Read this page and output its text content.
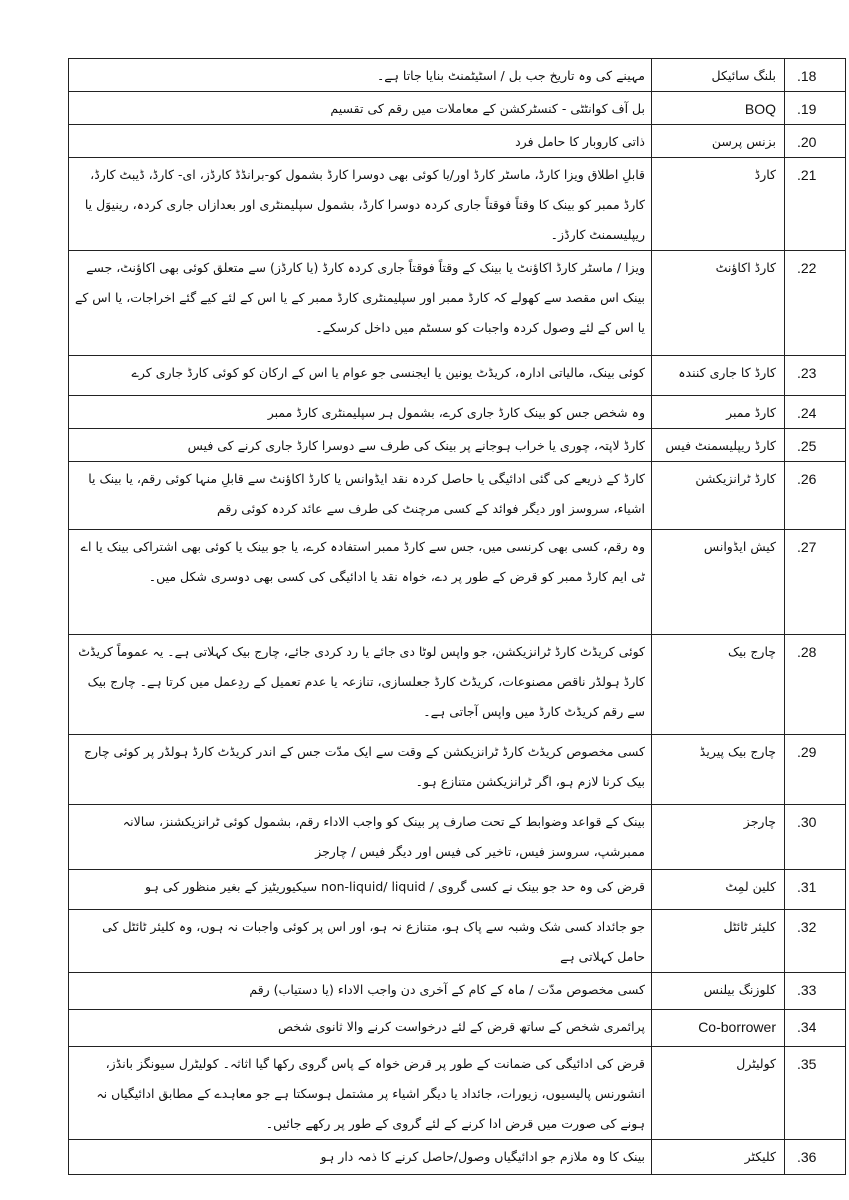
مہینے کی وہ تاریخ جب بل / اسٹیٹمنٹ بنایا جاتا ہے۔	بلنگ سائیکل	.18
بل آف کوانٹٹی - کنسٹرکشن کے معاملات میں رقم کی تقسیم	BOQ	.19
ذاتی کاروبار کا حامل فرد	بزنس پرسن	.20
قابلِ اطلاق ویزا کارڈ، ماسٹر کارڈ اور/یا کوئی بھی دوسرا کارڈ بشمول کو-برانڈڈ کارڈز، ای- کارڈ، ڈیبٹ کارڈ، کارڈ ممبر کو بینک کا وقتاً فوقتاً جاری کردہ دوسرا کارڈ، بشمول سپلیمنٹری اور بعدازاں جاری کردہ، رینیوَل یا ریپلیسمنٹ کارڈز۔	کارڈ	.21
ویزا / ماسٹر کارڈ اکاؤنٹ یا بینک کے وقتاً فوقتاً جاری کردہ کارڈ (یا کارڈز) سے متعلق کوئی بھی اکاؤنٹ، جسے بینک اس مقصد سے کھولے کہ کارڈ ممبر اور سپلیمنٹری کارڈ ممبر کے یا اس کے لئے کیے گئے اخراجات، یا اس کے یا اس کے لئے وصول کردہ واجبات کو سسٹم میں داخل کرسکے۔	کارڈ اکاؤنٹ	.22
کوئی بینک، مالیاتی ادارہ، کریڈٹ یونین یا ایجنسی جو عوام یا اس کے ارکان کو کوئی کارڈ جاری کرے	کارڈ کا جاری کنندہ	.23
وہ شخص جس کو بینک کارڈ جاری کرے، بشمول ہر سپلیمنٹری کارڈ ممبر	کارڈ ممبر	.24
کارڈ لاپتہ، چوری یا خراب ہوجانے پر بینک کی طرف سے دوسرا کارڈ جاری کرنے کی فیس	کارڈ ریپلیسمنٹ فیس	.25
کارڈ کے ذریعے کی گئی ادائیگی یا حاصل کردہ نقد ایڈوانس یا کارڈ اکاؤنٹ سے قابلِ منہا کوئی رقم، یا بینک یا اشیاء، سروسز اور دیگر فوائد کے کسی مرچنٹ کی طرف سے عائد کردہ کوئی رقم	کارڈ ٹرانزیکشن	.26
وہ رقم، کسی بھی کرنسی میں، جس سے کارڈ ممبر استفادہ کرے، یا جو بینک یا کوئی بھی اشتراکی بینک یا اے ٹی ایم کارڈ ممبر کو قرض کے طور پر دے، خواہ نقد یا ادائیگی کی کسی بھی دوسری شکل میں۔	کیش ایڈوانس	.27
کوئی کریڈٹ کارڈ ٹرانزیکشن، جو واپس لوٹا دی جائے یا رد کردی جائے، چارج بیک کہلاتی ہے۔ یہ عموماً کریڈٹ کارڈ ہولڈر ناقص مصنوعات، کریڈٹ کارڈ جعلسازی، تنازعہ یا عدم تعمیل کے ردِعمل میں کرتا ہے۔ چارج بیک سے رقم کریڈٹ کارڈ میں واپس آجاتی ہے۔	چارج بیک	.28
کسی مخصوص کریڈٹ کارڈ ٹرانزیکشن کے وقت سے ایک مدّت جس کے اندر کریڈٹ کارڈ ہولڈر پر کوئی چارج بیک کرنا لازم ہو، اگر ٹرانزیکشن متنازع ہو۔	چارج بیک پیریڈ	.29
بینک کے قواعد وضوابط کے تحت صارف پر بینک کو واجب الاداء رقم، بشمول کوئی ٹرانزیکشنز، سالانہ ممبرشپ، سروسز فیس، تاخیر کی فیس اور دیگر فیس / چارجز	چارجز	.30
قرض کی وہ حد جو بینک نے کسی گروی / non-liquid/ liquid سیکیوریٹیز کے بغیر منظور کی ہو	کلین لمِٹ	.31
جو جائداد کسی شک وشبہ سے پاک ہو، متنازع نہ ہو، اور اس پر کوئی واجبات نہ ہوں، وہ کلیئر ٹائٹل کی حامل کہلاتی ہے	کلیئر ٹائٹل	.32
کسی مخصوص مدّت / ماہ کے کام کے آخری دن واجب الاداء (یا دستیاب) رقم	کلوزنگ بیلنس	.33
پرائمری شخص کے ساتھ قرض کے لئے درخواست کرنے والا ثانوی شخص	Co-borrower	.34
قرض کی ادائیگی کی ضمانت کے طور پر قرض خواہ کے پاس گروی رکھا گیا اثاثہ۔ کولیٹرل سیونگز بانڈز، انشورنس پالیسیوں، زیورات، جائداد یا دیگر اشیاء پر مشتمل ہوسکتا ہے جو معاہدے کے مطابق ادائیگیاں نہ ہونے کی صورت میں قرض ادا کرنے کے لئے گروی کے طور پر رکھے جائیں۔	کولیٹرل	.35
بینک کا وہ ملازم جو ادائیگیاں وصول/حاصل کرنے کا ذمہ دار ہو	کلیکٹر	.36
